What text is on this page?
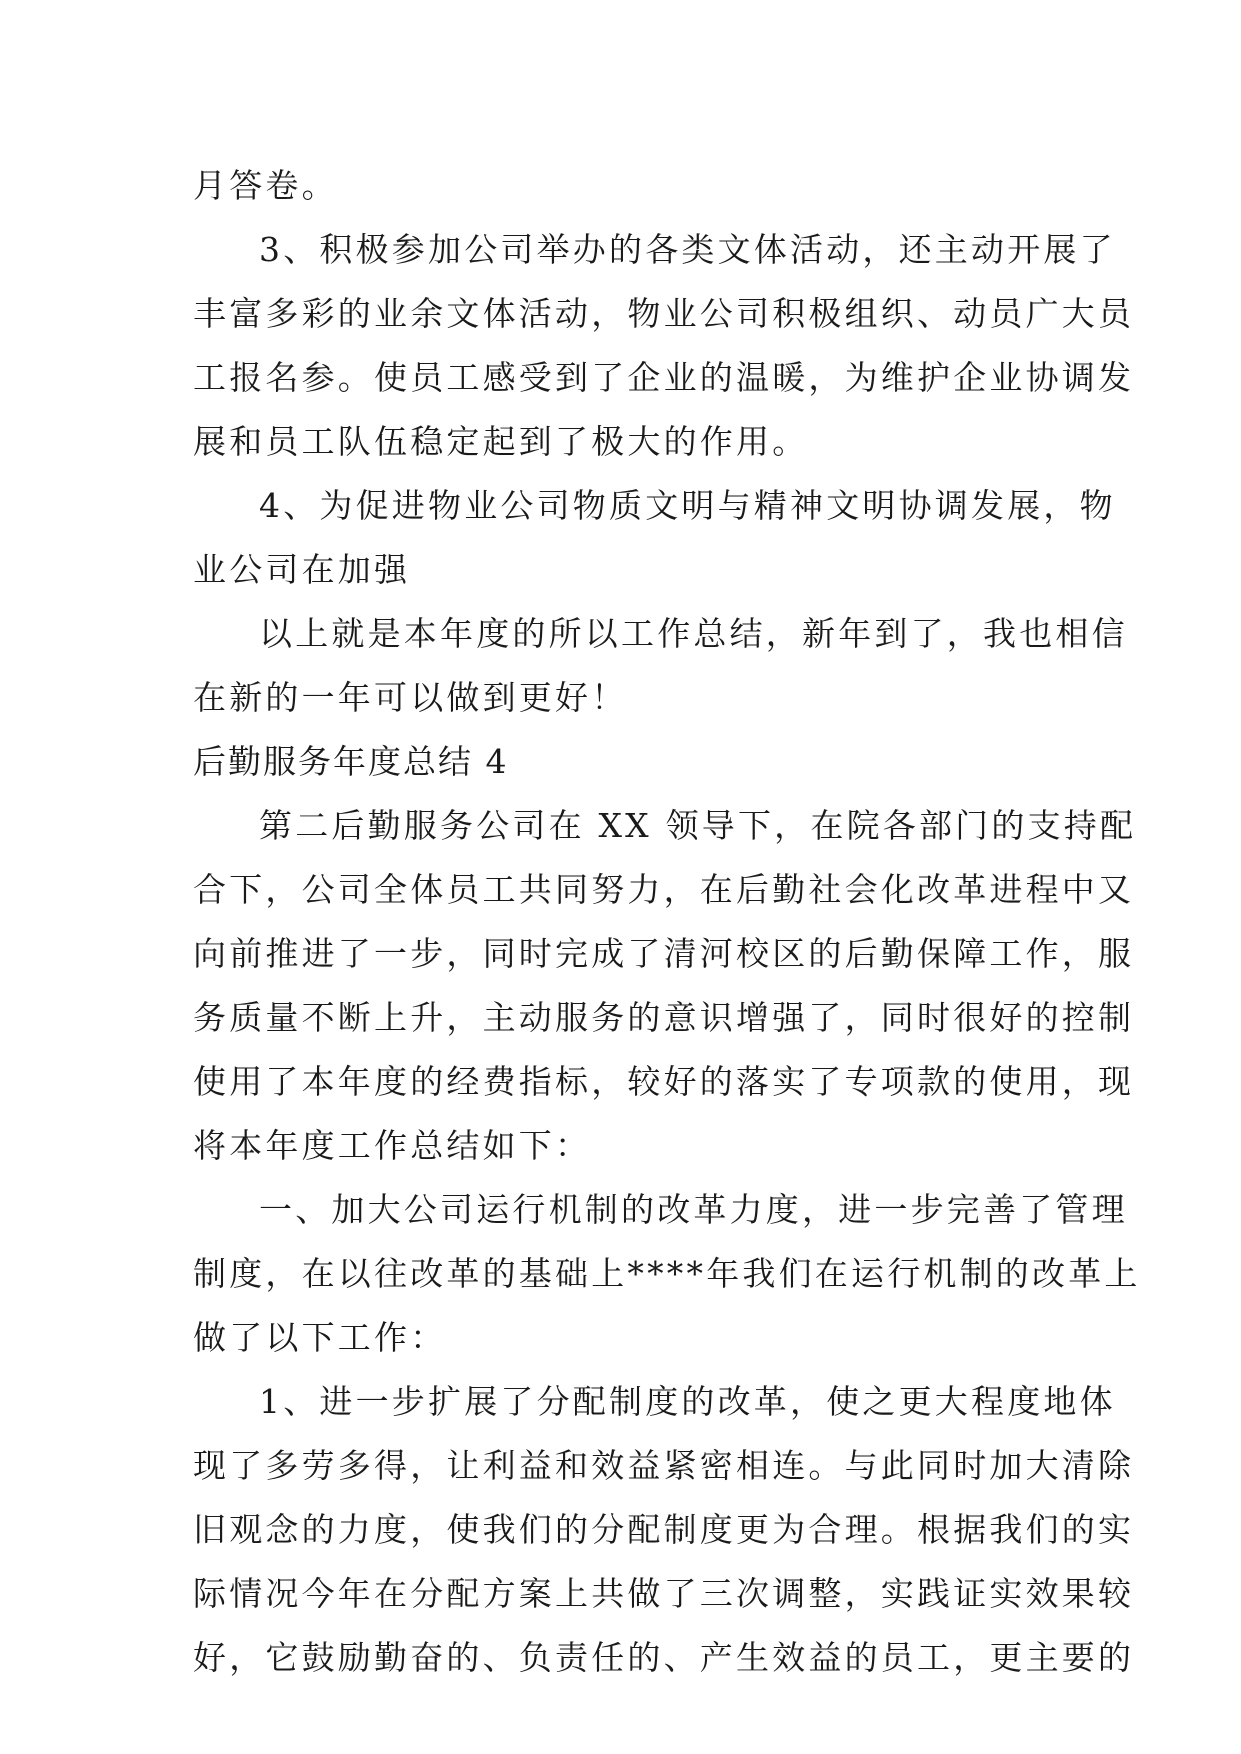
月答卷。
3、积极参加公司举办的各类文体活动，还主动开展了
丰富多彩的业余文体活动，物业公司积极组织、动员广大员
工报名参。使员工感受到了企业的温暖，为维护企业协调发
展和员工队伍稳定起到了极大的作用。
4、为促进物业公司物质文明与精神文明协调发展，物
业公司在加强
以上就是本年度的所以工作总结，新年到了，我也相信
在新的一年可以做到更好！
后勤服务年度总结 4
第二后勤服务公司在 XX 领导下，在院各部门的支持配
合下，公司全体员工共同努力，在后勤社会化改革进程中又
向前推进了一步，同时完成了清河校区的后勤保障工作，服
务质量不断上升，主动服务的意识增强了，同时很好的控制
使用了本年度的经费指标，较好的落实了专项款的使用，现
将本年度工作总结如下：
一、加大公司运行机制的改革力度，进一步完善了管理
制度，在以往改革的基础上****年我们在运行机制的改革上
做了以下工作：
1、进一步扩展了分配制度的改革，使之更大程度地体
现了多劳多得，让利益和效益紧密相连。与此同时加大清除
旧观念的力度，使我们的分配制度更为合理。根据我们的实
际情况今年在分配方案上共做了三次调整，实践证实效果较
好，它鼓励勤奋的、负责任的、产生效益的员工，更主要的
